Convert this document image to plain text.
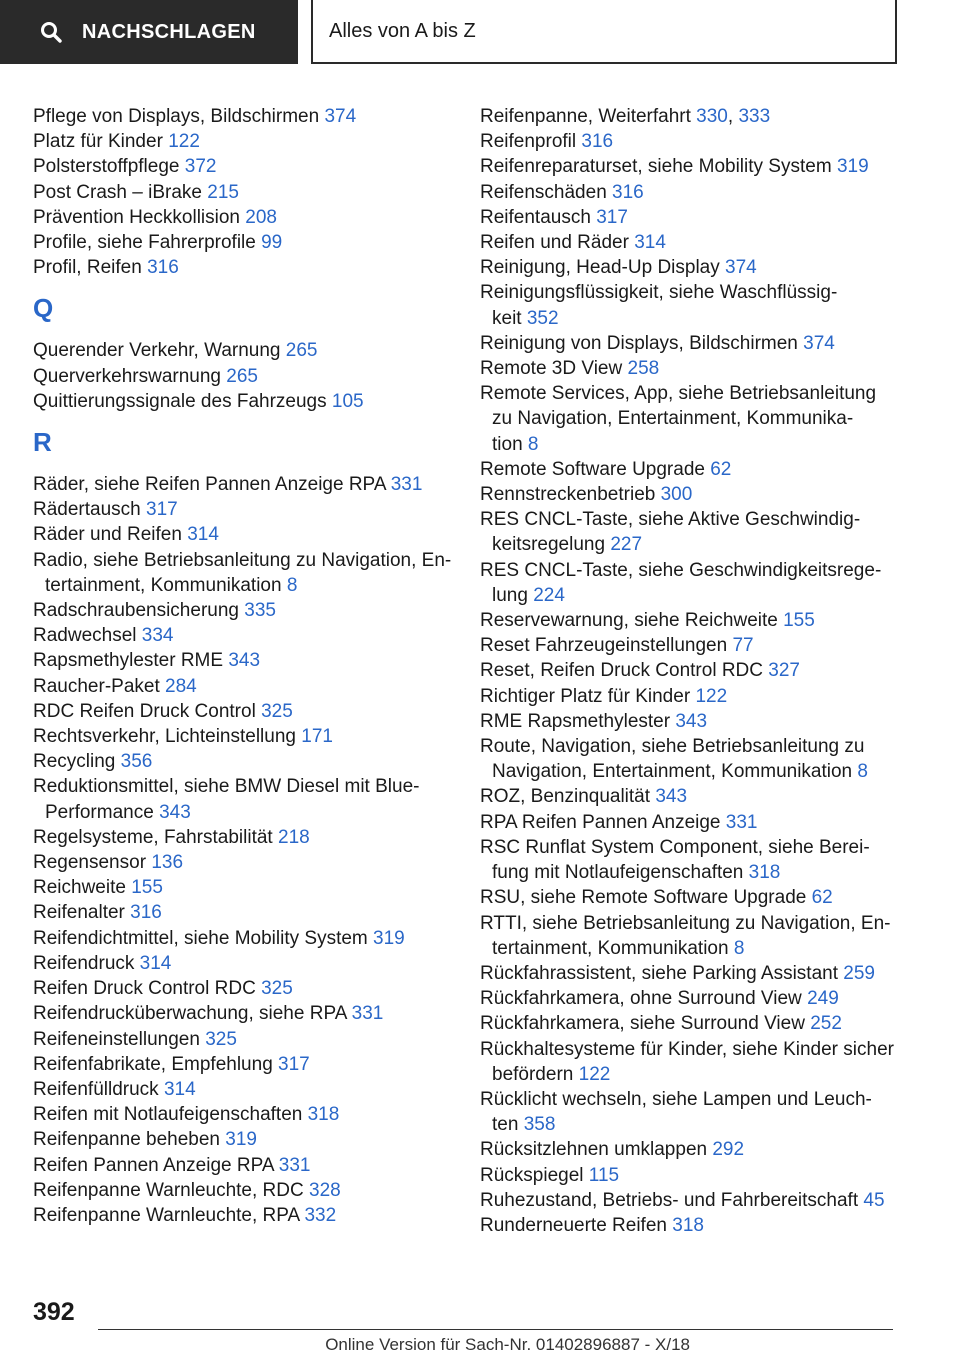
NACHSCHLAGEN	Alles von A bis Z
Pflege von Displays, Bildschirmen 374
Platz für Kinder 122
Polsterstoffpflege 372
Post Crash – iBrake 215
Prävention Heckkollision 208
Profile, siehe Fahrerprofile 99
Profil, Reifen 316
Q
Querender Verkehr, Warnung 265
Querverkehrswarnung 265
Quittierungssignale des Fahrzeugs 105
R
Räder, siehe Reifen Pannen Anzeige RPA 331
Rädertausch 317
Räder und Reifen 314
Radio, siehe Betriebsanleitung zu Navigation, En-
tertainment, Kommunikation 8
Radschraubensicherung 335
Radwechsel 334
Rapsmethylester RME 343
Raucher-Paket 284
RDC Reifen Druck Control 325
Rechtsverkehr, Lichteinstellung 171
Recycling 356
Reduktionsmittel, siehe BMW Diesel mit Blue-
Performance 343
Regelsysteme, Fahrstabilität 218
Regensensor 136
Reichweite 155
Reifenalter 316
Reifendichtmittel, siehe Mobility System 319
Reifendruck 314
Reifen Druck Control RDC 325
Reifendrucküberwachung, siehe RPA 331
Reifeneinstellungen 325
Reifenfabrikate, Empfehlung 317
Reifenfülldruck 314
Reifen mit Notlaufeigenschaften 318
Reifenpanne beheben 319
Reifen Pannen Anzeige RPA 331
Reifenpanne Warnleuchte, RDC 328
Reifenpanne Warnleuchte, RPA 332
Reifenpanne, Weiterfahrt 330, 333
Reifenprofil 316
Reifenreparaturset, siehe Mobility System 319
Reifenschäden 316
Reifentausch 317
Reifen und Räder 314
Reinigung, Head-Up Display 374
Reinigungsflüssigkeit, siehe Waschflüssig-
keit 352
Reinigung von Displays, Bildschirmen 374
Remote 3D View 258
Remote Services, App, siehe Betriebsanleitung
zu Navigation, Entertainment, Kommunika-
tion 8
Remote Software Upgrade 62
Rennstreckenbetrieb 300
RES CNCL-Taste, siehe Aktive Geschwindig-
keitsregelung 227
RES CNCL-Taste, siehe Geschwindigkeitsrege-
lung 224
Reservewarnung, siehe Reichweite 155
Reset Fahrzeugeinstellungen 77
Reset, Reifen Druck Control RDC 327
Richtiger Platz für Kinder 122
RME Rapsmethylester 343
Route, Navigation, siehe Betriebsanleitung zu
Navigation, Entertainment, Kommunikation 8
ROZ, Benzinqualität 343
RPA Reifen Pannen Anzeige 331
RSC Runflat System Component, siehe Berei-
fung mit Notlaufeigenschaften 318
RSU, siehe Remote Software Upgrade 62
RTTI, siehe Betriebsanleitung zu Navigation, En-
tertainment, Kommunikation 8
Rückfahrassistent, siehe Parking Assistant 259
Rückfahrkamera, ohne Surround View 249
Rückfahrkamera, siehe Surround View 252
Rückhaltesysteme für Kinder, siehe Kinder sicher
befördern 122
Rücklicht wechseln, siehe Lampen und Leuch-
ten 358
Rücksitzlehnen umklappen 292
Rückspiegel 115
Ruhezustand, Betriebs- und Fahrbereitschaft 45
Runderneuerte Reifen 318
392
Online Version für Sach-Nr. 01402896887 - X/18
